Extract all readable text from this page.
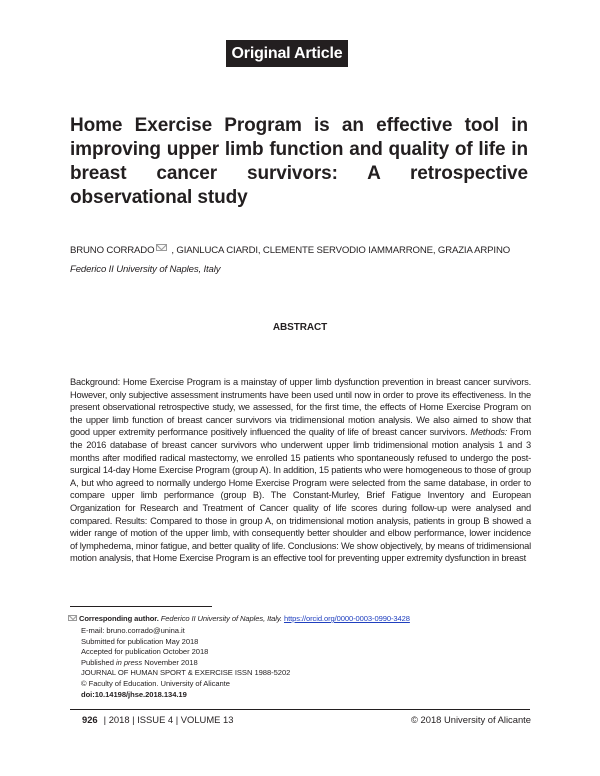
Original Article
Home Exercise Program is an effective tool in improving upper limb function and quality of life in breast cancer survivors: A retrospective observational study
BRUNO CORRADO , GIANLUCA CIARDI, CLEMENTE SERVODIO IAMMARRONE, GRAZIA ARPINO
Federico II University of Naples, Italy
ABSTRACT

Background: Home Exercise Program is a mainstay of upper limb dysfunction prevention in breast cancer survivors. However, only subjective assessment instruments have been used until now in order to prove its effectiveness. In the present observational retrospective study, we assessed, for the first time, the effects of Home Exercise Program on the upper limb function of breast cancer survivors via tridimensional motion analysis. We also aimed to show that good upper extremity performance positively influenced the quality of life of breast cancer survivors. Methods: From the 2016 database of breast cancer survivors who underwent upper limb tridimensional motion analysis 1 and 3 months after modified radical mastectomy, we enrolled 15 patients who spontaneously refused to undergo the post-surgical 14-day Home Exercise Program (group A). In addition, 15 patients who were homogeneous to those of group A, but who agreed to normally undergo Home Exercise Program were selected from the same database, in order to compare upper limb performance (group B). The Constant-Murley, Brief Fatigue Inventory and European Organization for Research and Treatment of Cancer quality of life scores during follow-up were analysed and compared. Results: Compared to those in group A, on tridimensional motion analysis, patients in group B showed a wider range of motion of the upper limb, with consequently better shoulder and elbow performance, lower incidence of lymphedema, minor fatigue, and better quality of life. Conclusions: We show objectively, by means of tridimensional motion analysis, that Home Exercise Program is an effective tool for preventing upper extremity dysfunction in breast

Corresponding author. Federico II University of Naples, Italy. https://orcid.org/0000-0003-0990-3428
E-mail: bruno.corrado@unina.it
Submitted for publication May 2018
Accepted for publication October 2018
Published in press November 2018
JOURNAL OF HUMAN SPORT & EXERCISE ISSN 1988-5202
© Faculty of Education. University of Alicante
doi:10.14198/jhse.2018.134.19
926 | 2018 | ISSUE 4 | VOLUME 13	© 2018 University of Alicante
